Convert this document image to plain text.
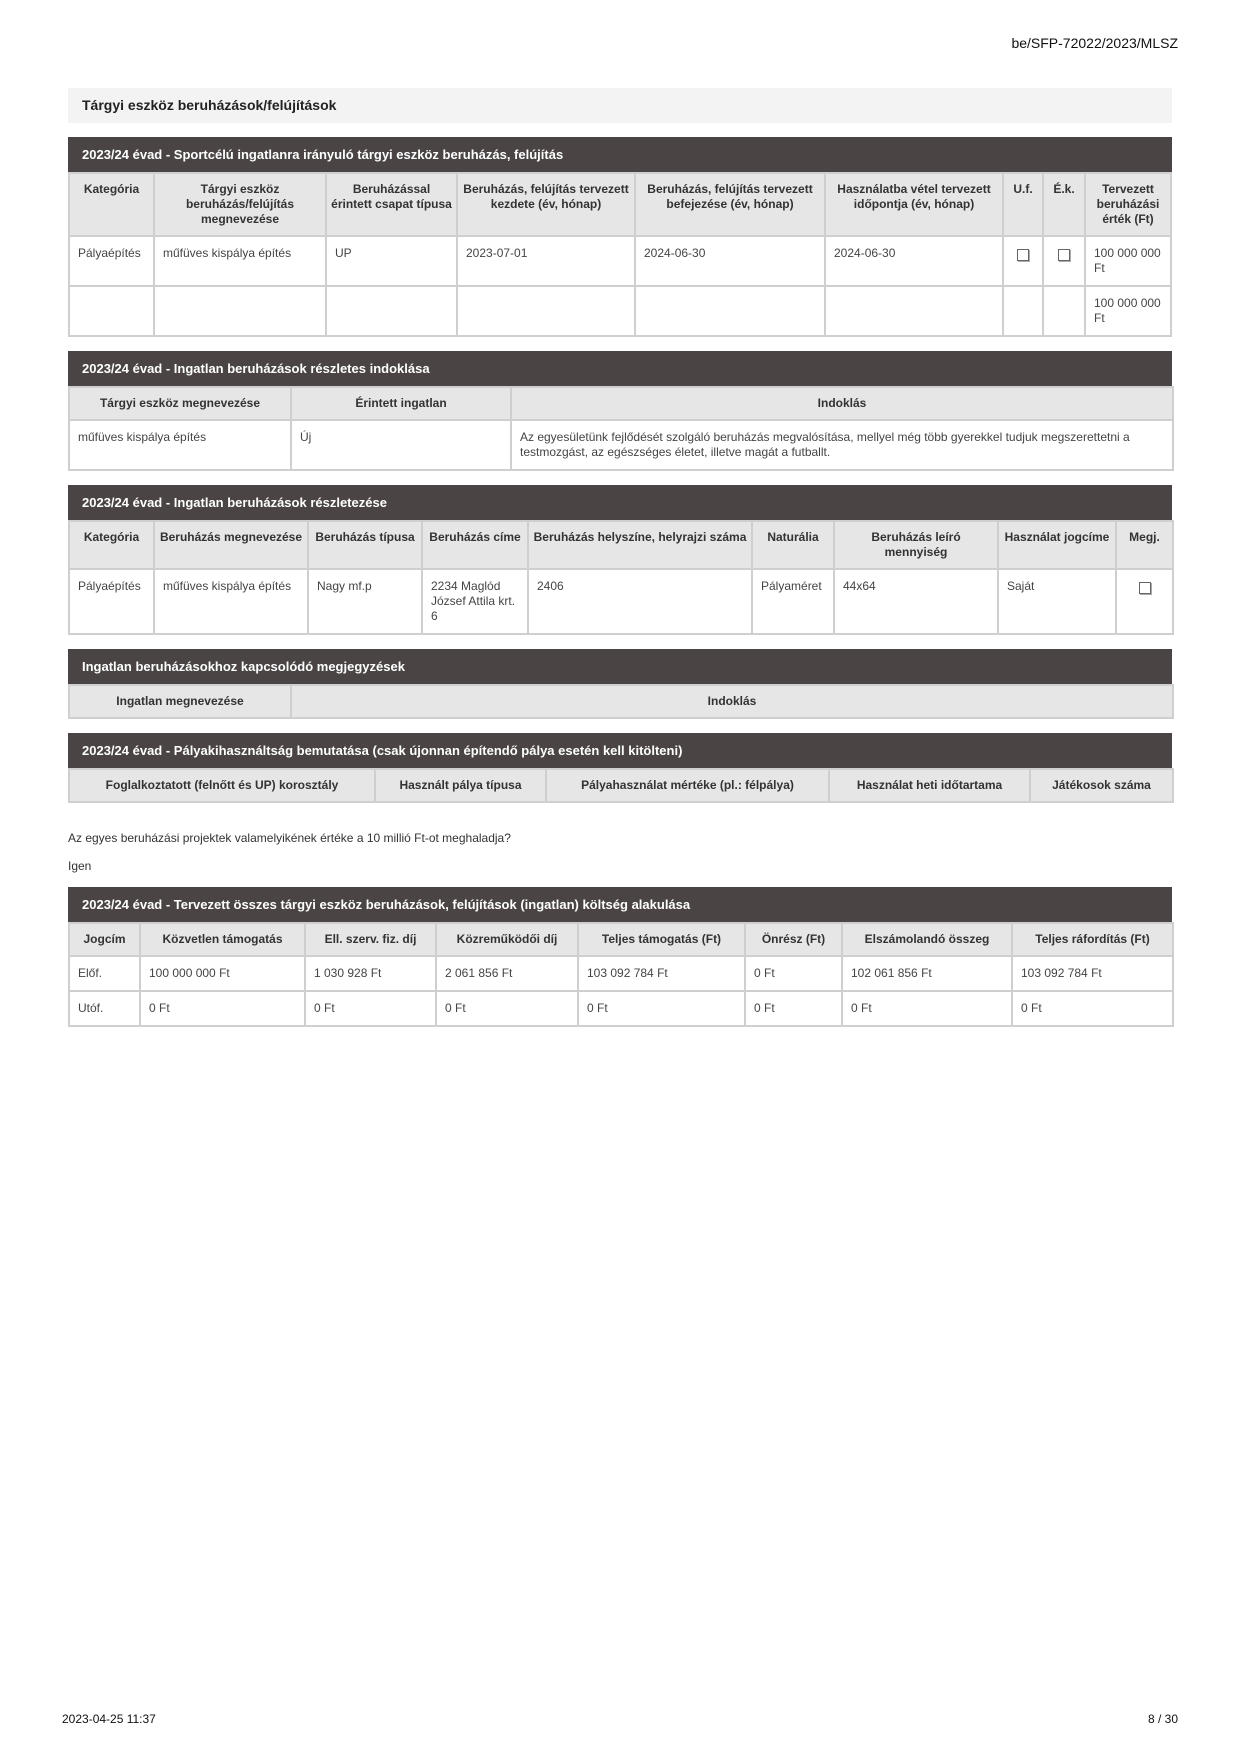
be/SFP-72022/2023/MLSZ
Tárgyi eszköz beruházások/felújítások
2023/24 évad - Sportcélú ingatlanra irányuló tárgyi eszköz beruházás, felújítás
Kategória	Tárgyi eszköz beruházás/felújítás megnevezése	Beruházással érintett csapat típusa	Beruházás, felújítás tervezett kezdete (év, hónap)	Beruházás, felújítás tervezett befejezése (év, hónap)	Használatba vétel tervezett időpontja (év, hónap)	U.f.	É.k.	Tervezett beruházási érték (Ft)
Pályaépítés	műfüves kispálya építés	UP	2023-07-01	2024-06-30	2024-06-30			100 000 000 Ft
								100 000 000 Ft
2023/24 évad - Ingatlan beruházások részletes indoklása
Tárgyi eszköz megnevezése	Érintett ingatlan	Indoklás
műfüves kispálya építés	Új	Az egyesületünk fejlődését szolgáló beruházás megvalósítása, mellyel még több gyerekkel tudjuk megszerettetni a testmozgást, az egészséges életet, illetve magát a futballt.
2023/24 évad - Ingatlan beruházások részletezése
Kategória	Beruházás megnevezése	Beruházás típusa	Beruházás címe	Beruházás helyszíne, helyrajzi száma	Naturália	Beruházás leíró mennyiség	Használat jogcíme	Megj.
Pályaépítés	műfüves kispálya építés	Nagy mf.p	2234 Maglód József Attila krt. 6	2406	Pályaméret	44x64	Saját	
Ingatlan beruházásokhoz kapcsolódó megjegyzések
Ingatlan megnevezése	Indoklás
2023/24 évad - Pályakihasználtság bemutatása (csak újonnan építendő pálya esetén kell kitölteni)
Foglalkoztatott (felnőtt és UP) korosztály	Használt pálya típusa	Pályahasználat mértéke (pl.: félpálya)	Használat heti időtartama	Játékosok száma
Az egyes beruházási projektek valamelyikének értéke a 10 millió Ft-ot meghaladja?
Igen
2023/24 évad - Tervezett összes tárgyi eszköz beruházások, felújítások (ingatlan) költség alakulása
Jogcím	Közvetlen támogatás	Ell. szerv. fiz. díj	Közreműködői díj	Teljes támogatás (Ft)	Önrész (Ft)	Elszámolandó összeg	Teljes ráfordítás (Ft)
Előf.	100 000 000 Ft	1 030 928 Ft	2 061 856 Ft	103 092 784 Ft	0 Ft	102 061 856 Ft	103 092 784 Ft
Utóf.	0 Ft	0 Ft	0 Ft	0 Ft	0 Ft	0 Ft	0 Ft
2023-04-25 11:37	8 / 30
